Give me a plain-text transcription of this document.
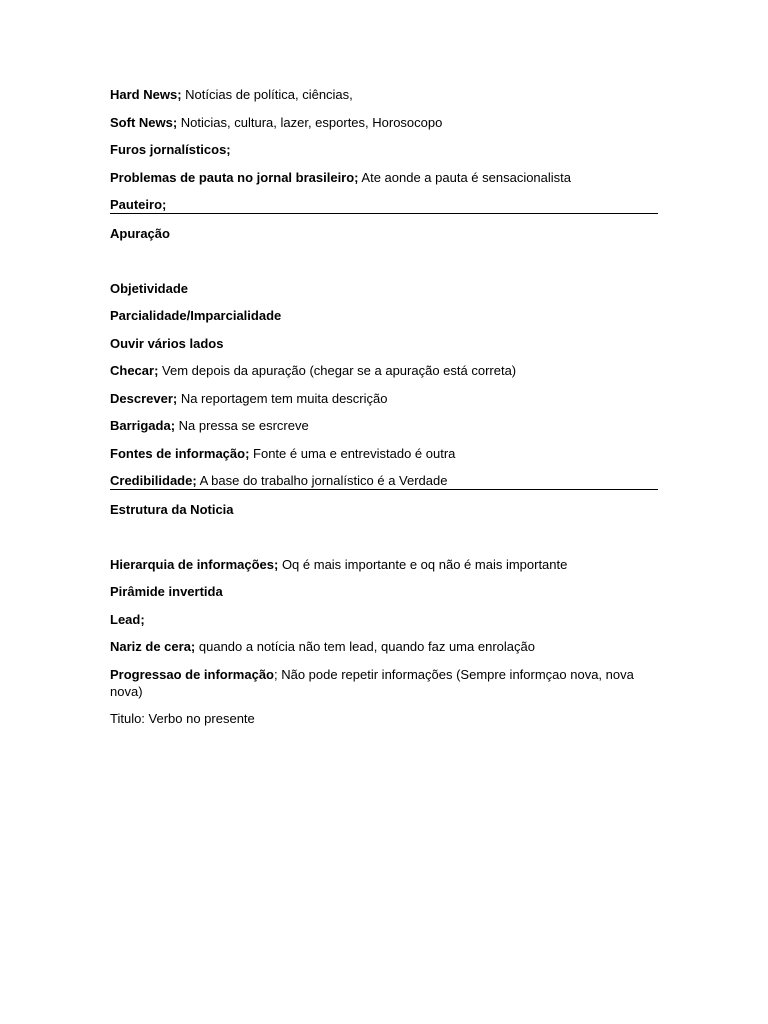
Hard News; Notícias de política, ciências,

Soft News; Noticias, cultura, lazer, esportes, Horosocopo

Furos jornalísticos;

Problemas de pauta no jornal brasileiro; Ate aonde a pauta é sensacionalista

Pauteiro;

Apuração

Objetividade

Parcialidade/Imparcialidade

Ouvir vários lados

Checar; Vem depois da apuração (chegar se a apuração está correta)

Descrever; Na reportagem tem muita descrição

Barrigada; Na pressa se esrcreve

Fontes de informação; Fonte é uma e entrevistado é outra

Credibilidade; A base do trabalho jornalístico é a Verdade

Estrutura da Noticia

Hierarquia de informações; Oq é mais importante e oq não é mais importante

Pirâmide invertida

Lead;

Nariz de cera; quando a notícia não tem lead, quando faz uma enrolação

Progressao de informação; Não pode repetir informações (Sempre informçao nova, nova nova)

Titulo: Verbo no presente
